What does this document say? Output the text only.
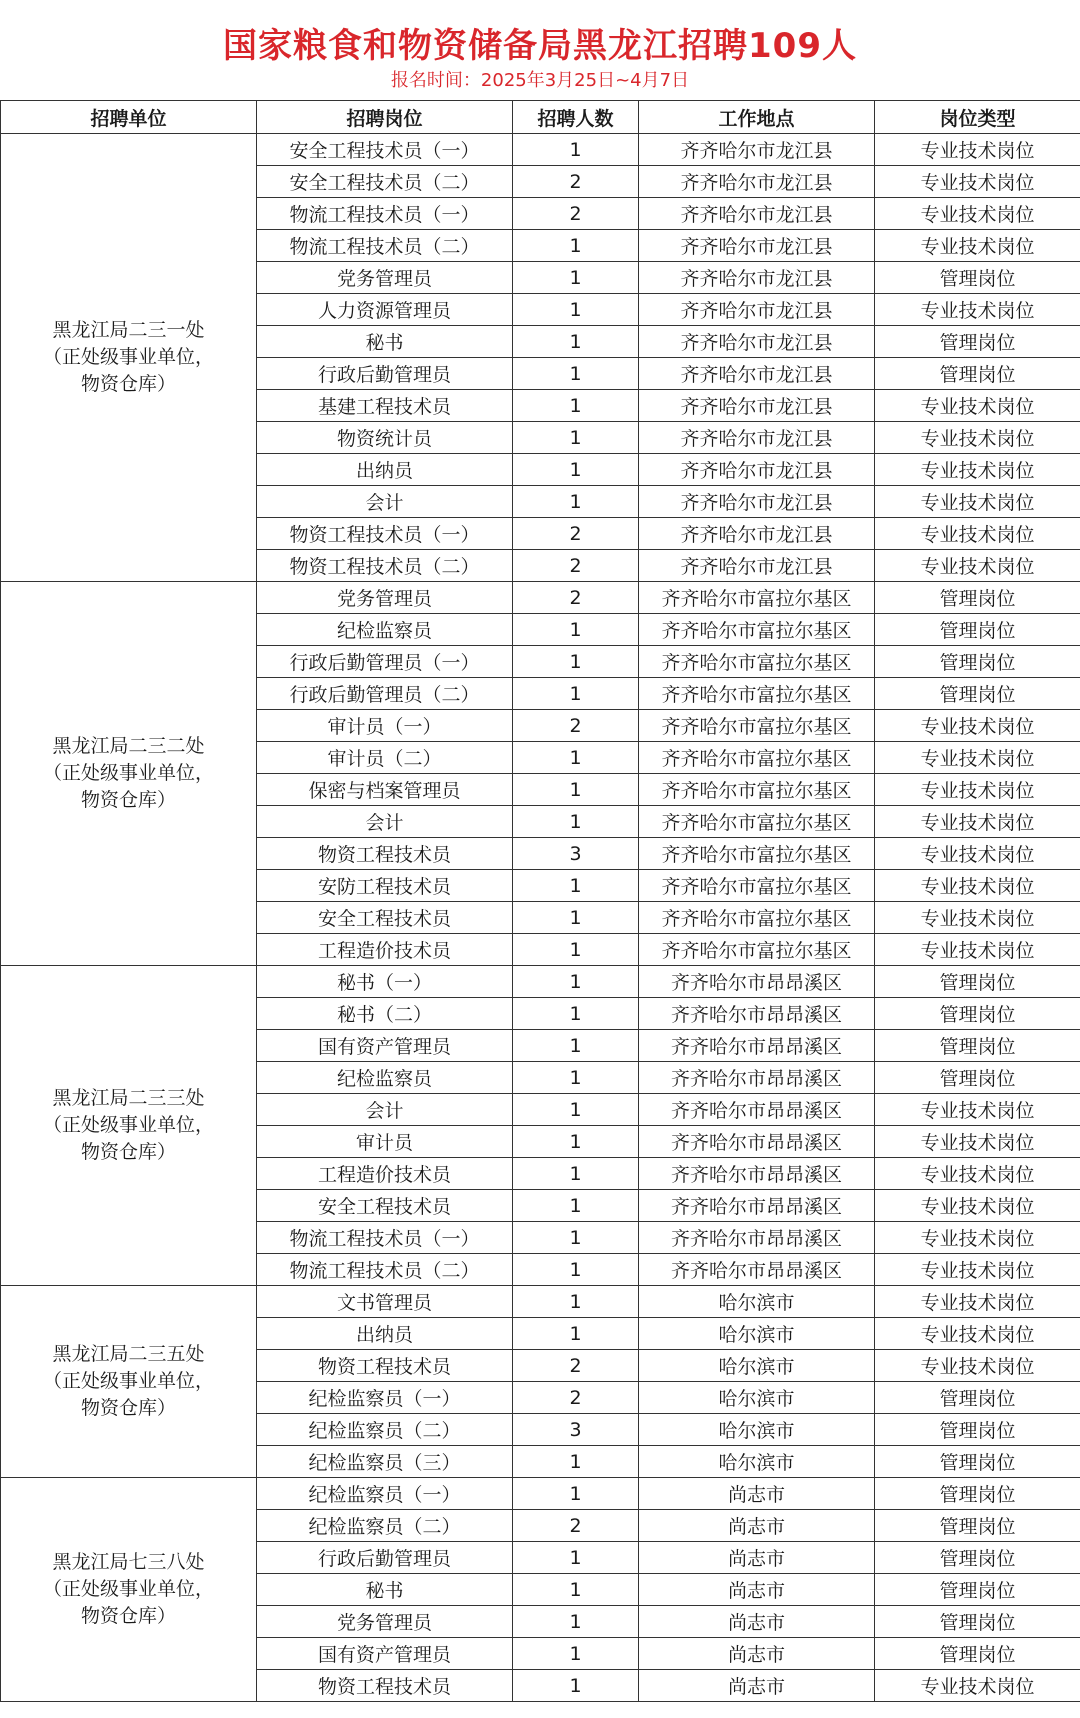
国家粮食和物资储备局黑龙江招聘109人
报名时间：2025年3月25日~4月7日
招聘单位	招聘岗位	招聘人数	工作地点	岗位类型

黑龙江局二三一处
（正处级事业单位，
物资仓库）	安全工程技术员（一）	1	齐齐哈尔市龙江县	专业技术岗位
	安全工程技术员（二）	2	齐齐哈尔市龙江县	专业技术岗位
	物流工程技术员（一）	2	齐齐哈尔市龙江县	专业技术岗位
	物流工程技术员（二）	1	齐齐哈尔市龙江县	专业技术岗位
	党务管理员	1	齐齐哈尔市龙江县	管理岗位
	人力资源管理员	1	齐齐哈尔市龙江县	专业技术岗位
	秘书	1	齐齐哈尔市龙江县	管理岗位
	行政后勤管理员	1	齐齐哈尔市龙江县	管理岗位
	基建工程技术员	1	齐齐哈尔市龙江县	专业技术岗位
	物资统计员	1	齐齐哈尔市龙江县	专业技术岗位
	出纳员	1	齐齐哈尔市龙江县	专业技术岗位
	会计	1	齐齐哈尔市龙江县	专业技术岗位
	物资工程技术员（一）	2	齐齐哈尔市龙江县	专业技术岗位
	物资工程技术员（二）	2	齐齐哈尔市龙江县	专业技术岗位

黑龙江局二三二处
（正处级事业单位，
物资仓库）	党务管理员	2	齐齐哈尔市富拉尔基区	管理岗位
	纪检监察员	1	齐齐哈尔市富拉尔基区	管理岗位
	行政后勤管理员（一）	1	齐齐哈尔市富拉尔基区	管理岗位
	行政后勤管理员（二）	1	齐齐哈尔市富拉尔基区	管理岗位
	审计员（一）	2	齐齐哈尔市富拉尔基区	专业技术岗位
	审计员（二）	1	齐齐哈尔市富拉尔基区	专业技术岗位
	保密与档案管理员	1	齐齐哈尔市富拉尔基区	专业技术岗位
	会计	1	齐齐哈尔市富拉尔基区	专业技术岗位
	物资工程技术员	3	齐齐哈尔市富拉尔基区	专业技术岗位
	安防工程技术员	1	齐齐哈尔市富拉尔基区	专业技术岗位
	安全工程技术员	1	齐齐哈尔市富拉尔基区	专业技术岗位
	工程造价技术员	1	齐齐哈尔市富拉尔基区	专业技术岗位

黑龙江局二三三处
（正处级事业单位，
物资仓库）	秘书（一）	1	齐齐哈尔市昂昂溪区	管理岗位
	秘书（二）	1	齐齐哈尔市昂昂溪区	管理岗位
	国有资产管理员	1	齐齐哈尔市昂昂溪区	管理岗位
	纪检监察员	1	齐齐哈尔市昂昂溪区	管理岗位
	会计	1	齐齐哈尔市昂昂溪区	专业技术岗位
	审计员	1	齐齐哈尔市昂昂溪区	专业技术岗位
	工程造价技术员	1	齐齐哈尔市昂昂溪区	专业技术岗位
	安全工程技术员	1	齐齐哈尔市昂昂溪区	专业技术岗位
	物流工程技术员（一）	1	齐齐哈尔市昂昂溪区	专业技术岗位
	物流工程技术员（二）	1	齐齐哈尔市昂昂溪区	专业技术岗位

黑龙江局二三五处
（正处级事业单位，
物资仓库）	文书管理员	1	哈尔滨市	专业技术岗位
	出纳员	1	哈尔滨市	专业技术岗位
	物资工程技术员	2	哈尔滨市	专业技术岗位
	纪检监察员（一）	2	哈尔滨市	管理岗位
	纪检监察员（二）	3	哈尔滨市	管理岗位
	纪检监察员（三）	1	哈尔滨市	管理岗位

黑龙江局七三八处
（正处级事业单位，
物资仓库）	纪检监察员（一）	1	尚志市	管理岗位
	纪检监察员（二）	2	尚志市	管理岗位
	行政后勤管理员	1	尚志市	管理岗位
	秘书	1	尚志市	管理岗位
	党务管理员	1	尚志市	管理岗位
	国有资产管理员	1	尚志市	管理岗位
	物资工程技术员	1	尚志市	专业技术岗位
